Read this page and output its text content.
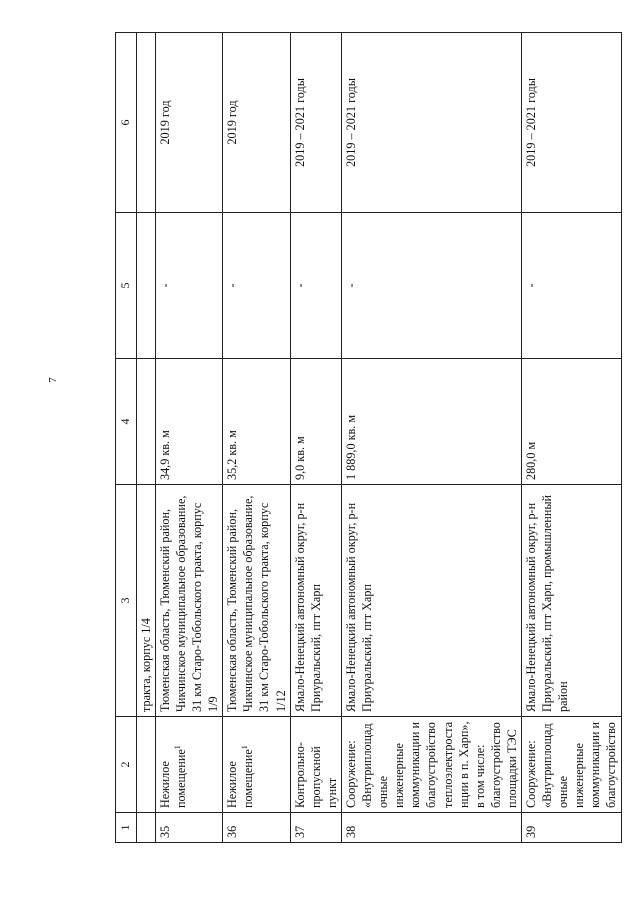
7
1	2	3	4	5	6
		тракта, корпус 1/4			
35	Нежилое помещение$^1$	Тюменская область, Тюменский район, Чикчинское муниципальное образование, 31 км Старо-Тобольского тракта, корпус 1/9	34,9 кв. м	-	2019 год
36	Нежилое помещение$^1$	Тюменская область, Тюменский район, Чикчинское муниципальное образование, 31 км Старо-Тобольского тракта, корпус 1/12	35,2 кв. м	-	2019 год
37	Контрольно-пропускной пункт	Ямало-Ненецкий автономный округ, р-н Приуральский, пгт Харп	9,0 кв. м	-	2019 – 2021 годы
38	Сооружение: «Внутриплощадочные инженерные коммуникации и благоустройство теплоэлектростанции в п. Харп», в том числе: благоустройство площадки ТЭС	Ямало-Ненецкий автономный округ, р-н Приуральский, пгт Харп	1 889,0 кв. м	-	2019 – 2021 годы
39	Сооружение: «Внутриплощадочные инженерные коммуникации и благоустройство	Ямало-Ненецкий автономный округ, р-н Приуральский, пгт Харп, промышленный район	280,0 м	-	2019 – 2021 годы
